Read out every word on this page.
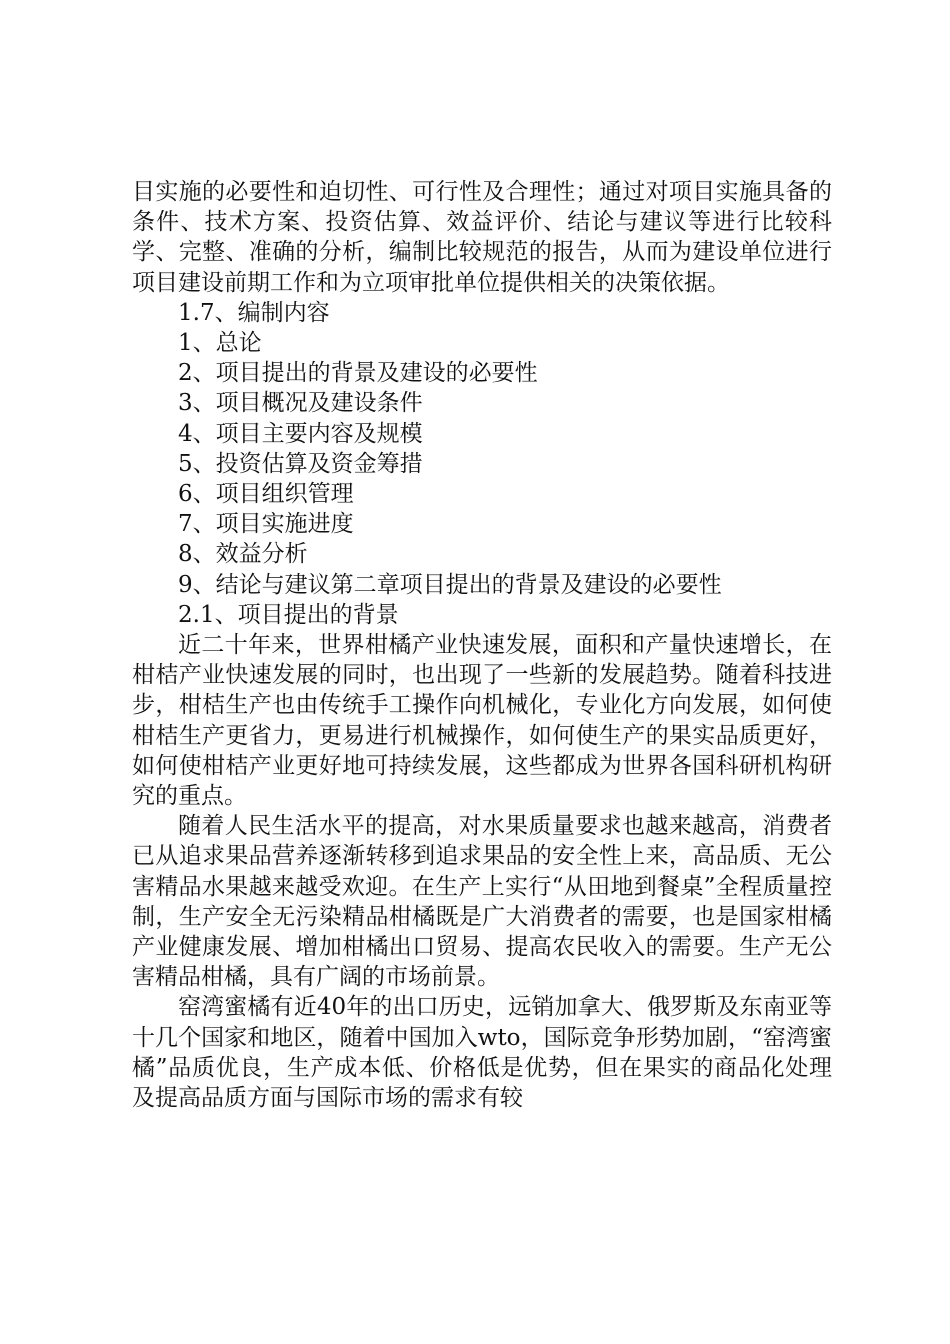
目实施的必要性和迫切性、可行性及合理性；通过对项目实施具备的条件、技术方案、投资估算、效益评价、结论与建议等进行比较科学、完整、准确的分析，编制比较规范的报告，从而为建设单位进行项目建设前期工作和为立项审批单位提供相关的决策依据。

1.7、编制内容

1、总论

2、项目提出的背景及建设的必要性

3、项目概况及建设条件

4、项目主要内容及规模

5、投资估算及资金筹措

6、项目组织管理

7、项目实施进度

8、效益分析

9、结论与建议第二章项目提出的背景及建设的必要性

2.1、项目提出的背景

近二十年来，世界柑橘产业快速发展，面积和产量快速增长，在柑桔产业快速发展的同时，也出现了一些新的发展趋势。随着科技进步，柑桔生产也由传统手工操作向机械化，专业化方向发展，如何使柑桔生产更省力，更易进行机械操作，如何使生产的果实品质更好，如何使柑桔产业更好地可持续发展，这些都成为世界各国科研机构研究的重点。

随着人民生活水平的提高，对水果质量要求也越来越高，消费者已从追求果品营养逐渐转移到追求果品的安全性上来，高品质、无公害精品水果越来越受欢迎。在生产上实行“从田地到餐桌”全程质量控制，生产安全无污染精品柑橘既是广大消费者的需要，也是国家柑橘产业健康发展、增加柑橘出口贸易、提高农民收入的需要。生产无公害精品柑橘，具有广阔的市场前景。

窑湾蜜橘有近40年的出口历史，远销加拿大、俄罗斯及东南亚等十几个国家和地区，随着中国加入wto，国际竞争形势加剧，“窑湾蜜橘”品质优良，生产成本低、价格低是优势，但在果实的商品化处理及提高品质方面与国际市场的需求有较
